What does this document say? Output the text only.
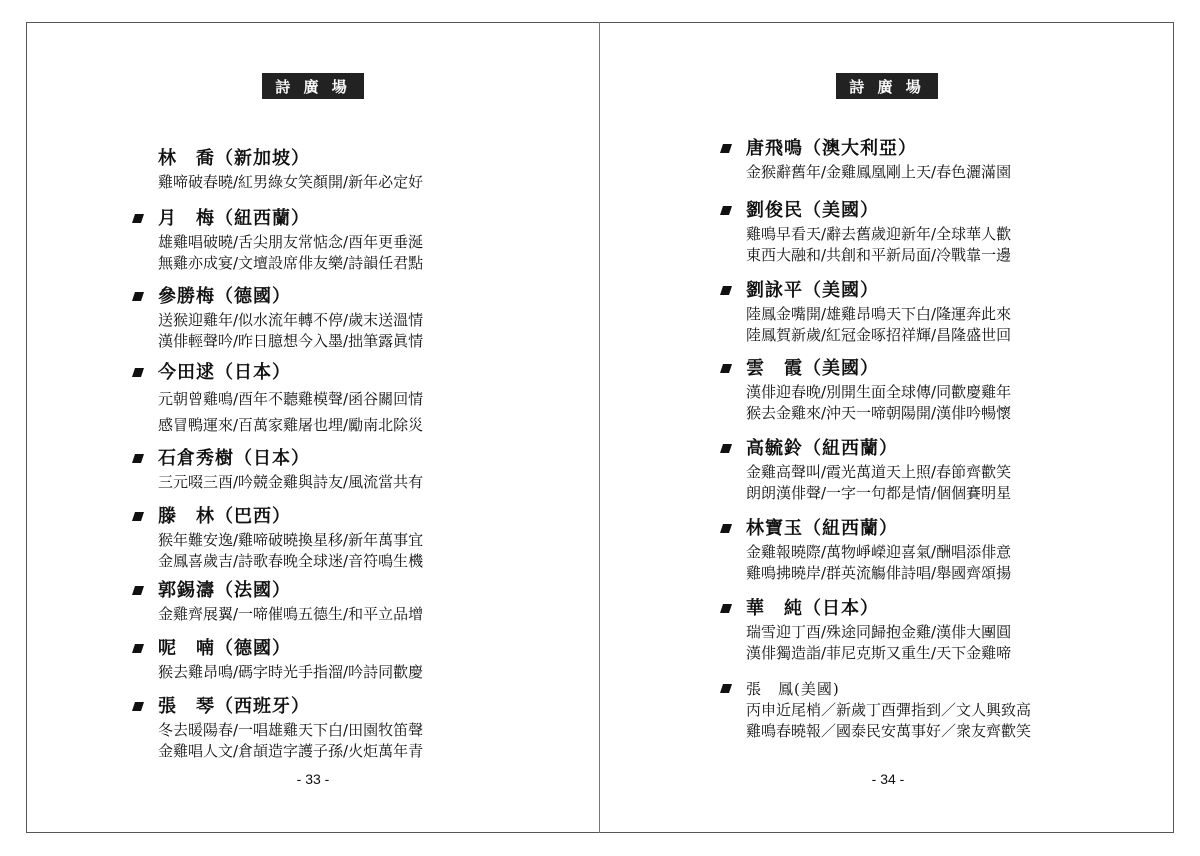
詩 廣 場
林　喬（新加坡）
雞啼破春曉/紅男綠女笑顏開/新年必定好
月　梅（紐西蘭）
雄雞唱破曉/舌尖朋友常惦念/酉年更垂涎
無雞亦成宴/文壇設席俳友樂/詩韻任君點
參勝梅（德國）
送猴迎雞年/似水流年轉不停/歲末送溫情
漢俳輕聲吟/昨日臆想今入墨/拙筆露眞情
今田逑（日本）
元朝曾雞鳴/酉年不聽雞模聲/函谷關回情
感冒鴨運來/百萬家雞屠也埋/勵南北除災
石倉秀樹（日本）
三元啜三酉/吟競金雞與詩友/風流當共有
滕　林（巴西）
猴年難安逸/雞啼破曉換星移/新年萬事宜
金鳳喜歲吉/詩歌春晚全球迷/音符鳴生機
郭錫濤（法國）
金雞齊展翼/一啼催鳴五德生/和平立品增
呢　喃（德國）
猴去雞昂鳴/碼字時光手指溜/吟詩同歡慶
張　琴（西班牙）
冬去暖陽春/一唱雄雞天下白/田園牧笛聲
金雞唱人文/倉頡造字護子孫/火炬萬年青
- 33 -
詩 廣 場
唐飛鳴（澳大利亞）
金猴辭舊年/金雞鳳凰剛上天/春色灑滿園
劉俊民（美國）
雞鳴早看天/辭去舊歲迎新年/全球華人歡
東西大融和/共創和平新局面/冷戰靠一邊
劉詠平（美國）
陸鳳金嘴開/雄雞昂鳴天下白/隆運奔此來
陸鳳賀新歲/紅冠金啄招祥輝/昌隆盛世回
雲　霞（美國）
漢俳迎春晚/別開生面全球傳/同歡慶雞年
猴去金雞來/沖天一啼朝陽開/漢俳吟暢懷
高毓鈴（紐西蘭）
金雞高聲叫/霞光萬道天上照/春節齊歡笑
朗朗漢俳聲/一字一句都是情/個個賽明星
林寶玉（紐西蘭）
金雞報曉際/萬物崢嶸迎喜氣/酬唱添俳意
雞鳴拂曉岸/群英流觴俳詩唱/舉國齊頌揚
華　純（日本）
瑞雪迎丁酉/殊途同歸抱金雞/漢俳大團圓
漢俳獨造詣/菲尼克斯又重生/天下金雞啼
張　鳳(美國)
丙申近尾梢／新歲丁酉彈指到／文人興致高
雞鳴春曉報／國泰民安萬事好／衆友齊歡笑
- 34 -
